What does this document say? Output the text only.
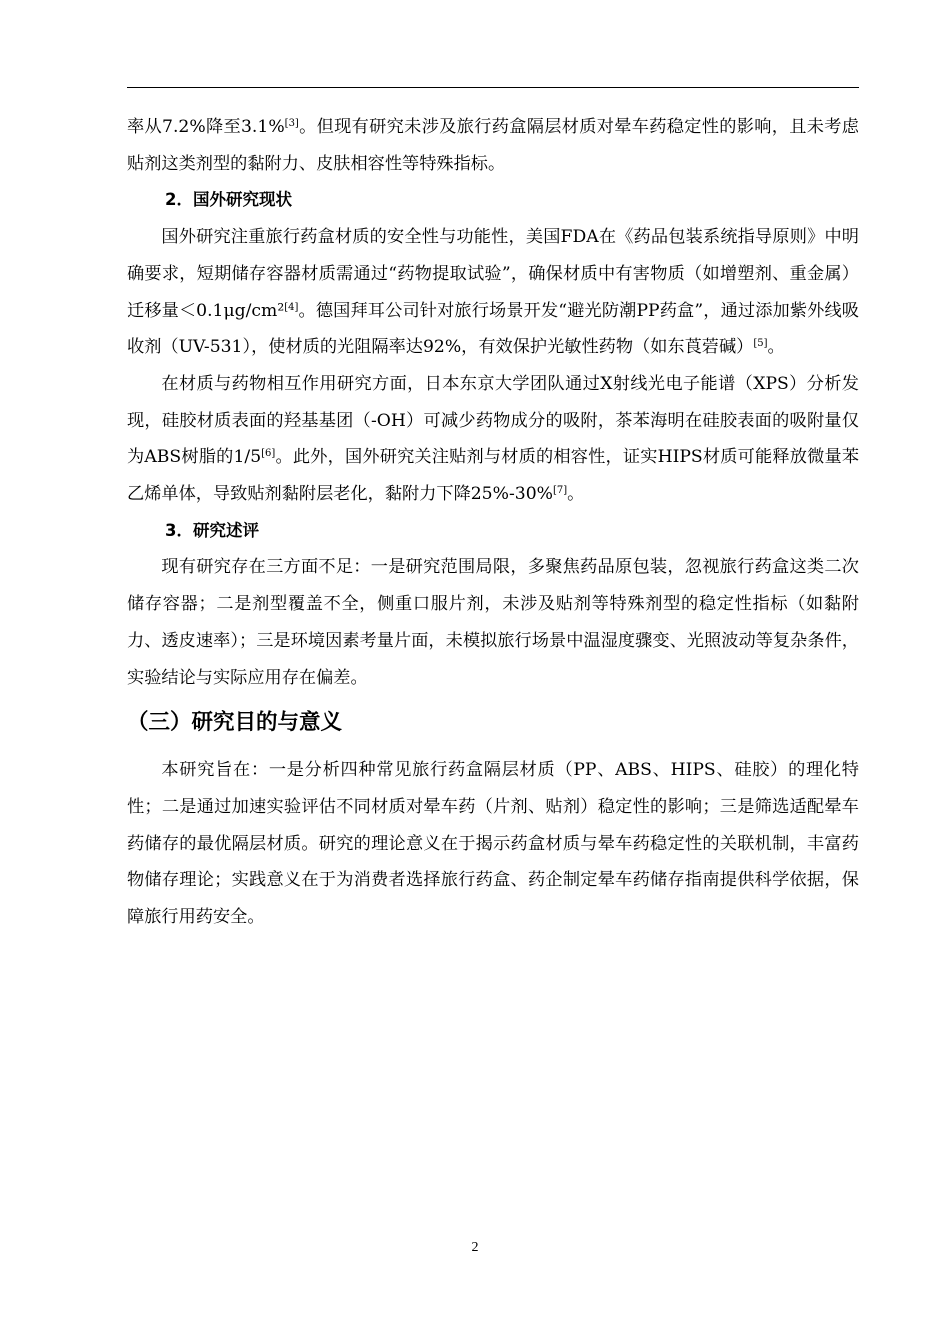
率从7.2%降至3.1%[3]。但现有研究未涉及旅行药盒隔层材质对晕车药稳定性的影响，且未考虑贴剂这类剂型的黏附力、皮肤相容性等特殊指标。

2．国外研究现状

国外研究注重旅行药盒材质的安全性与功能性，美国FDA在《药品包装系统指导原则》中明确要求，短期储存容器材质需通过“药物提取试验”，确保材质中有害物质（如增塑剂、重金属）迁移量＜0.1μg/cm²[4]。德国拜耳公司针对旅行场景开发“避光防潮PP药盒”，通过添加紫外线吸收剂（UV-531），使材质的光阻隔率达92%，有效保护光敏性药物（如东莨菪碱）[5]。

在材质与药物相互作用研究方面，日本东京大学团队通过X射线光电子能谱（XPS）分析发现，硅胶材质表面的羟基基团（-OH）可减少药物成分的吸附，茶苯海明在硅胶表面的吸附量仅为ABS树脂的1/5[6]。此外，国外研究关注贴剂与材质的相容性，证实HIPS材质可能释放微量苯乙烯单体，导致贴剂黏附层老化，黏附力下降25%-30%[7]。

3．研究述评

现有研究存在三方面不足：一是研究范围局限，多聚焦药品原包装，忽视旅行药盒这类二次储存容器；二是剂型覆盖不全，侧重口服片剂，未涉及贴剂等特殊剂型的稳定性指标（如黏附力、透皮速率）；三是环境因素考量片面，未模拟旅行场景中温湿度骤变、光照波动等复杂条件，实验结论与实际应用存在偏差。

（三）研究目的与意义

本研究旨在：一是分析四种常见旅行药盒隔层材质（PP、ABS、HIPS、硅胶）的理化特性；二是通过加速实验评估不同材质对晕车药（片剂、贴剂）稳定性的影响；三是筛选适配晕车药储存的最优隔层材质。研究的理论意义在于揭示药盒材质与晕车药稳定性的关联机制，丰富药物储存理论；实践意义在于为消费者选择旅行药盒、药企制定晕车药储存指南提供科学依据，保障旅行用药安全。

2
